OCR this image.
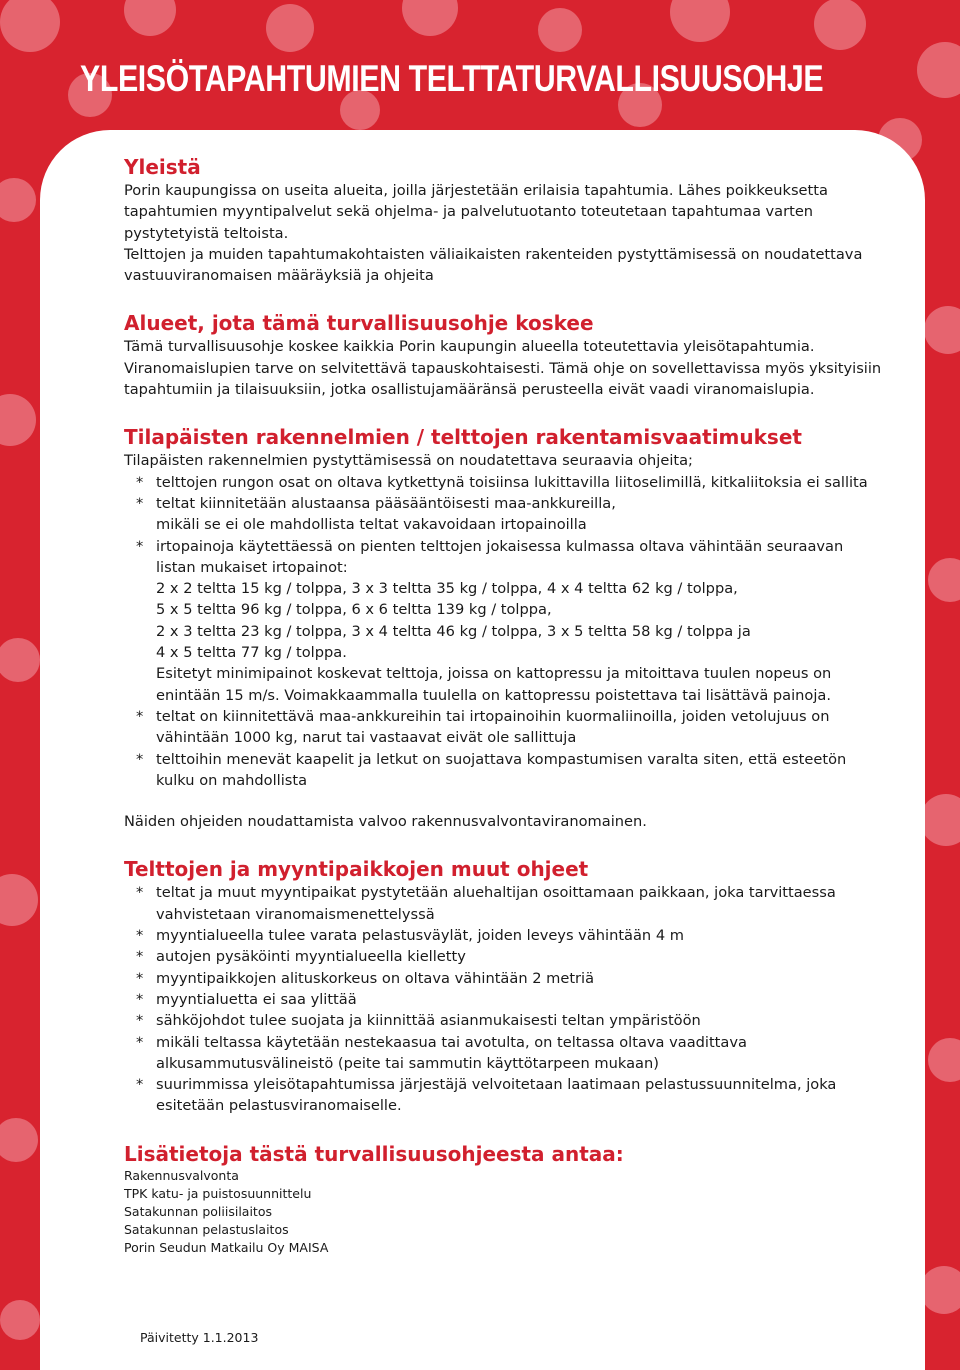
YLEISÖTAPAHTUMIEN TELTTATURVALLISUUSOHJE
Yleistä

Porin kaupungissa on useita alueita, joilla järjestetään erilaisia tapahtumia. Lähes poikkeuksetta tapahtumien myyntipalvelut sekä ohjelma- ja palvelutuotanto toteutetaan tapahtumaa varten pystytetyistä teltoista.

Telttojen ja muiden tapahtumakohtaisten väliaikaisten rakenteiden pystyttämisessä on noudatettava vastuuviranomaisen määräyksiä ja ohjeita

Alueet, jota tämä turvallisuusohje koskee

Tämä turvallisuusohje koskee kaikkia Porin kaupungin alueella toteutettavia yleisötapahtumia.

Viranomaislupien tarve on selvitettävä tapauskohtaisesti. Tämä ohje on sovellettavissa myös yksityisiin tapahtumiin ja tilaisuuksiin, jotka osallistujamääränsä perusteella eivät vaadi viranomaislupia.

Tilapäisten rakennelmien / telttojen rakentamisvaatimukset

Tilapäisten rakennelmien pystyttämisessä on noudatettava seuraavia ohjeita;

* telttojen rungon osat on oltava kytkettynä toisiinsa lukittavilla liitoselimillä, kitkaliitoksia ei sallita
* teltat kiinnitetään alustaansa pääsääntöisesti maa-ankkureilla,
mikäli se ei ole mahdollista teltat vakavoidaan irtopainoilla
* irtopainoja käytettäessä on pienten telttojen jokaisessa kulmassa oltava vähintään seuraavan listan mukaiset irtopainot:
2 x 2 teltta 15 kg / tolppa, 3 x 3 teltta 35 kg / tolppa, 4 x 4 teltta 62 kg / tolppa,
5 x 5 teltta 96 kg / tolppa, 6 x 6 teltta 139 kg / tolppa,
2 x 3 teltta 23 kg / tolppa, 3 x 4 teltta 46 kg / tolppa, 3 x 5 teltta 58 kg / tolppa ja
4 x 5 teltta 77 kg / tolppa.
Esitetyt minimipainot koskevat telttoja, joissa on kattopressu ja mitoittava tuulen nopeus on enintään 15 m/s. Voimakkaammalla tuulella on kattopressu poistettava tai lisättävä painoja.
* teltat on kiinnitettävä maa-ankkureihin tai irtopainoihin kuormaliinoilla, joiden vetolujuus on vähintään 1000 kg, narut tai vastaavat eivät ole sallittuja
* telttoihin menevät kaapelit ja letkut on suojattava kompastumisen varalta siten, että esteetön kulku on mahdollista

Näiden ohjeiden noudattamista valvoo rakennusvalvontaviranomainen.

Telttojen ja myyntipaikkojen muut ohjeet
* teltat ja muut myyntipaikat pystytetään aluehaltijan osoittamaan paikkaan, joka tarvittaessa vahvistetaan viranomaismenettelyssä
* myyntialueella tulee varata pelastusväylät, joiden leveys vähintään 4 m
* autojen pysäköinti myyntialueella kielletty
* myyntipaikkojen alituskorkeus on oltava vähintään 2 metriä
* myyntialuetta ei saa ylittää
* sähköjohdot tulee suojata ja kiinnittää asianmukaisesti teltan ympäristöön
* mikäli teltassa käytetään nestekaasua tai avotulta, on teltassa oltava vaadittava alkusammutusvälineistö (peite tai sammutin käyttötarpeen mukaan)
* suurimmissa yleisötapahtumissa järjestäjä velvoitetaan laatimaan pelastussuunnitelma, joka esitetään pelastusviranomaiselle.
Lisätietoja tästä turvallisuusohjeesta antaa:
Rakennusvalvonta
TPK katu- ja puistosuunnittelu
Satakunnan poliisilaitos
Satakunnan pelastuslaitos
Porin Seudun Matkailu Oy MAISA
Päivitetty 1.1.2013
